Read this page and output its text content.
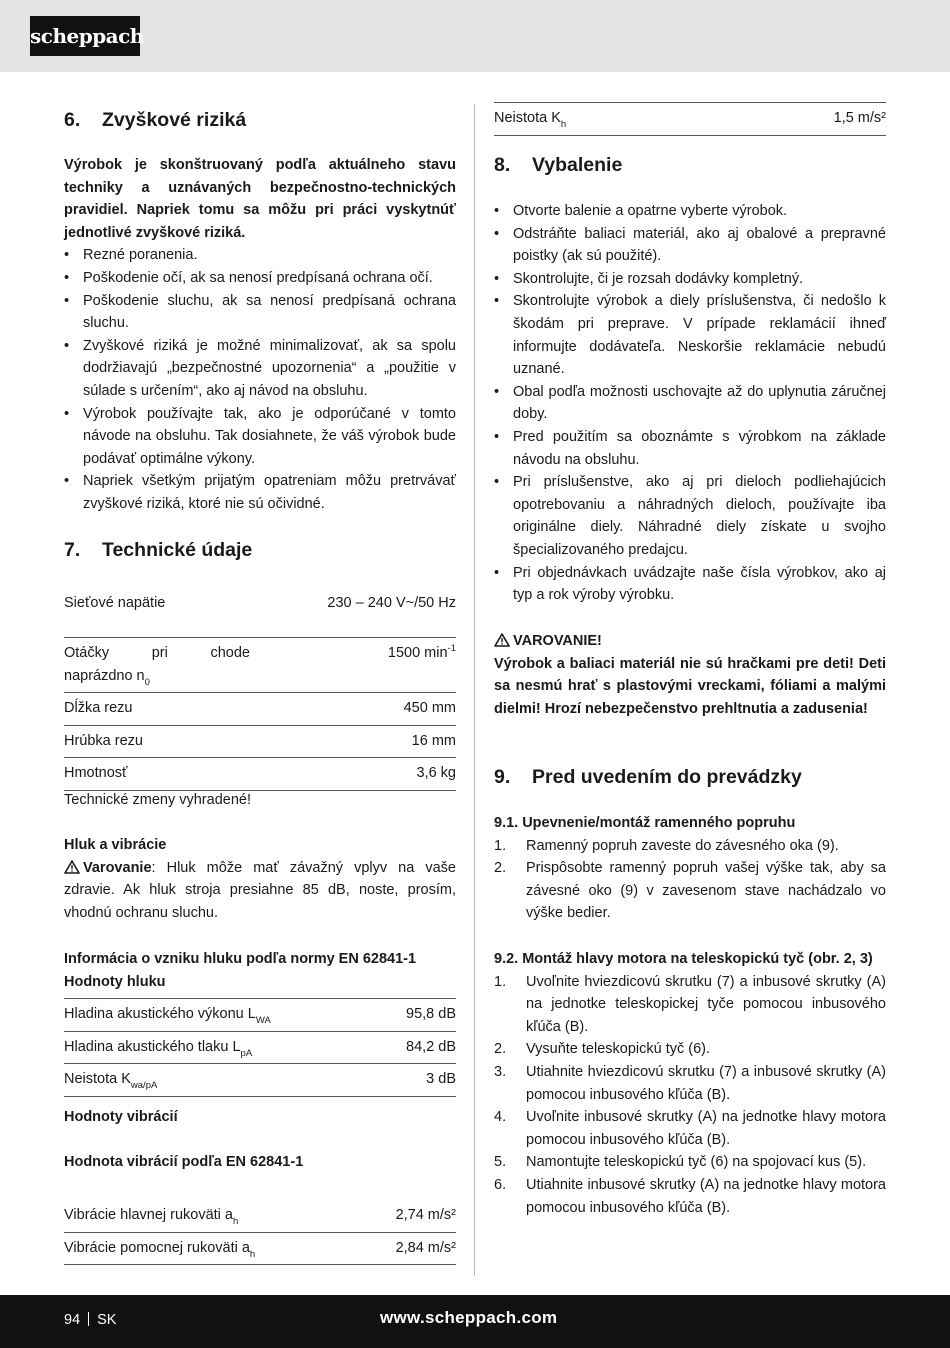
scheppach
6. Zvyškové riziká
Výrobok je skonštruovaný podľa aktuálneho stavu techniky a uznávaných bezpečnostno-technických pravidiel. Napriek tomu sa môžu pri práci vyskytnúť jednotlivé zvyškové riziká.
• Rezné poranenia.
• Poškodenie očí, ak sa nenosí predpísaná ochrana očí.
• Poškodenie sluchu, ak sa nenosí predpísaná ochrana sluchu.
• Zvyškové riziká je možné minimalizovať, ak sa spolu dodržiavajú „bezpečnostné upozornenia“ a „použitie v súlade s určením“, ako aj návod na obsluhu.
• Výrobok používajte tak, ako je odporúčané v tomto návode na obsluhu. Tak dosiahnete, že váš výrobok bude podávať optimálne výkony.
• Napriek všetkým prijatým opatreniam môžu pretrvávať zvyškové riziká, ktoré nie sú očividné.
7. Technické údaje
Sieťové napätie	230 – 240 V~/50 Hz
Otáčky pri chode
naprázdno $n_0$	1500 $\min^{-1}$
Dĺžka rezu	450 mm
Hrúbka rezu	16 mm
Hmotnosť	3,6 kg
Technické zmeny vyhradené!
Hluk a vibrácie
Varovanie: Hluk môže mať závažný vplyv na vaše zdravie. Ak hluk stroja presiahne 85 dB, noste, prosím, vhodnú ochranu sluchu.
Informácia o vzniku hluku podľa normy EN 62841-1
Hodnoty hluku
Hladina akustického výkonu $L_{WA}$	95,8 dB
Hladina akustického tlaku $L_{pA}$	84,2 dB
Neistota $K_{wa/pA}$	3 dB
Hodnoty vibrácií
Hodnota vibrácií podľa EN 62841-1
Vibrácie hlavnej rukoväti $a_h$	2,74 m/s²
Vibrácie pomocnej rukoväti $a_h$	2,84 m/s²
Neistota $K_h$	1,5 m/s²
8. Vybalenie
• Otvorte balenie a opatrne vyberte výrobok.
• Odstráňte baliaci materiál, ako aj obalové a prepravné poistky (ak sú použité).
• Skontrolujte, či je rozsah dodávky kompletný.
• Skontrolujte výrobok a diely príslušenstva, či nedošlo k škodám pri preprave. V prípade reklamácií ihneď informujte dodávateľa. Neskoršie reklamácie nebudú uznané.
• Obal podľa možnosti uschovajte až do uplynutia záručnej doby.
• Pred použitím sa oboznámte s výrobkom na základe návodu na obsluhu.
• Pri príslušenstve, ako aj pri dieloch podliehajúcich opotrebovaniu a náhradných dieloch, používajte iba originálne diely. Náhradné diely získate u svojho špecializovaného predajcu.
• Pri objednávkach uvádzajte naše čísla výrobkov, ako aj typ a rok výroby výrobku.
VAROVANIE!
Výrobok a baliaci materiál nie sú hračkami pre deti! Deti sa nesmú hrať s plastovými vreckami, fóliami a malými dielmi! Hrozí nebezpečenstvo prehltnutia a zadusenia!
9. Pred uvedením do prevádzky
9.1. Upevnenie/montáž ramenného popruhu
1. Ramenný popruh zaveste do závesného oka (9).
2. Prispôsobte ramenný popruh vašej výške tak, aby sa závesné oko (9) v zavesenom stave nachádzalo vo výške bedier.
9.2. Montáž hlavy motora na teleskopickú tyč (obr. 2, 3)
1. Uvoľnite hviezdicovú skrutku (7) a inbusové skrutky (A) na jednotke teleskopickej tyče pomocou inbusového kľúča (B).
2. Vysuňte teleskopickú tyč (6).
3. Utiahnite hviezdicovú skrutku (7) a inbusové skrutky (A) pomocou inbusového kľúča (B).
4. Uvoľnite inbusové skrutky (A) na jednotke hlavy motora pomocou inbusového kľúča (B).
5. Namontujte teleskopickú tyč (6) na spojovací kus (5).
6. Utiahnite inbusové skrutky (A) na jednotke hlavy motora pomocou inbusového kľúča (B).
94 SK	www.scheppach.com
